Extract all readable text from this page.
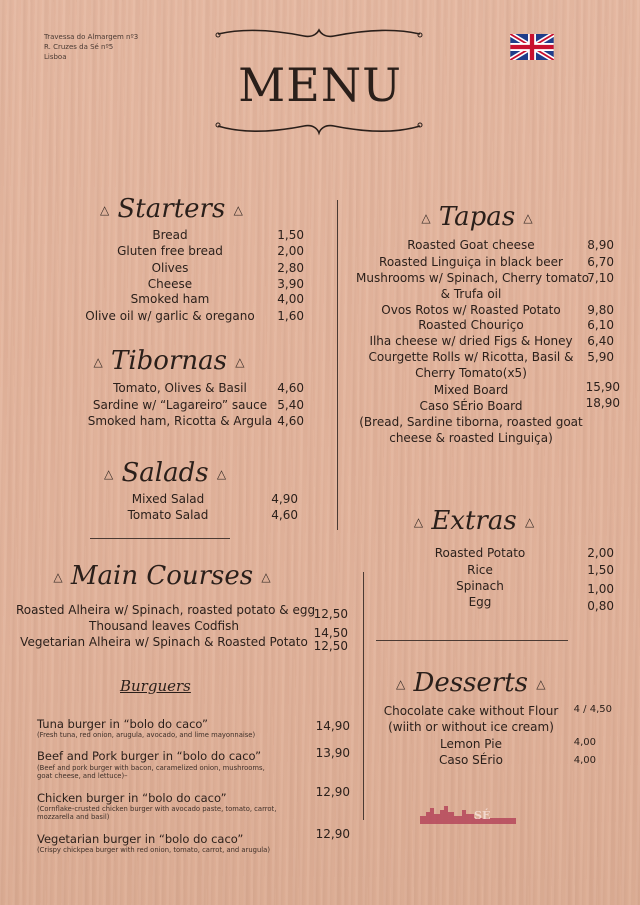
Travessa do Almargem nº3
R. Cruzes da Sé nº5
Lisboa
MENU
△ Starters △
Bread	1,50
Gluten free bread	2,00
Olives	2,80
Cheese	3,90
Smoked ham	4,00
Olive oil w/ garlic & oregano	1,60
△ Tibornas △
Tomato, Olives & Basil	4,60
Sardine w/ “Lagareiro” sauce 5,40
Smoked ham, Ricotta & Argula 4,60
△ Salads △
Mixed Salad	4,90
Tomato Salad	4,60
△ Main Courses △
Roasted Alheira w/ Spinach, roasted potato & egg
12,50
Thousand leaves Codfish	14,50
Vegetarian Alheira w/ Spinach & Roasted Potato 12,50
Burguers
Tuna burger in “bolo do caco”	14,90
(Fresh tuna, red onion, arugula, avocado, and lime mayonnaise)
Beef and Pork burger in “bolo do caco”	13,90
(Beef and pork burger with bacon, caramelized onion, mushrooms,
goat cheese, and lettuce)–
Chicken burger in “bolo do caco”	12,90
(Cornflake-crusted chicken burger with avocado paste, tomato, carrot,
mozzarella and basil)
Vegetarian burger in “bolo do caco”	12,90
(Crispy chickpea burger with red onion, tomato, carrot, and arugula)
△ Tapas △
Roasted Goat cheese	8,90
Roasted Linguiça in black beer	6,70
Mushrooms w/ Spinach, Cherry tomato
& Trufa oil
7,10
Ovos Rotos w/ Roasted Potato	9,80
Roasted Chouriço	6,10
Ilha cheese w/ dried Figs & Honey	6,40
Courgette Rolls w/ Ricotta, Basil &
Cherry Tomato(x5)
5,90
Mixed Board	15,90
Caso SÉrio Board
(Bread, Sardine tiborna, roasted goat
cheese & roasted Linguiça)
18,90
△ Extras △
Roasted Potato	2,00
Rice	1,50
Spinach	1,00
Egg	0,80
△ Desserts △
Chocolate cake without Flour
(wiith or without ice cream)
4 / 4,50
Lemon Pie	4,00
Caso SÉrio	4,00
SÉ
